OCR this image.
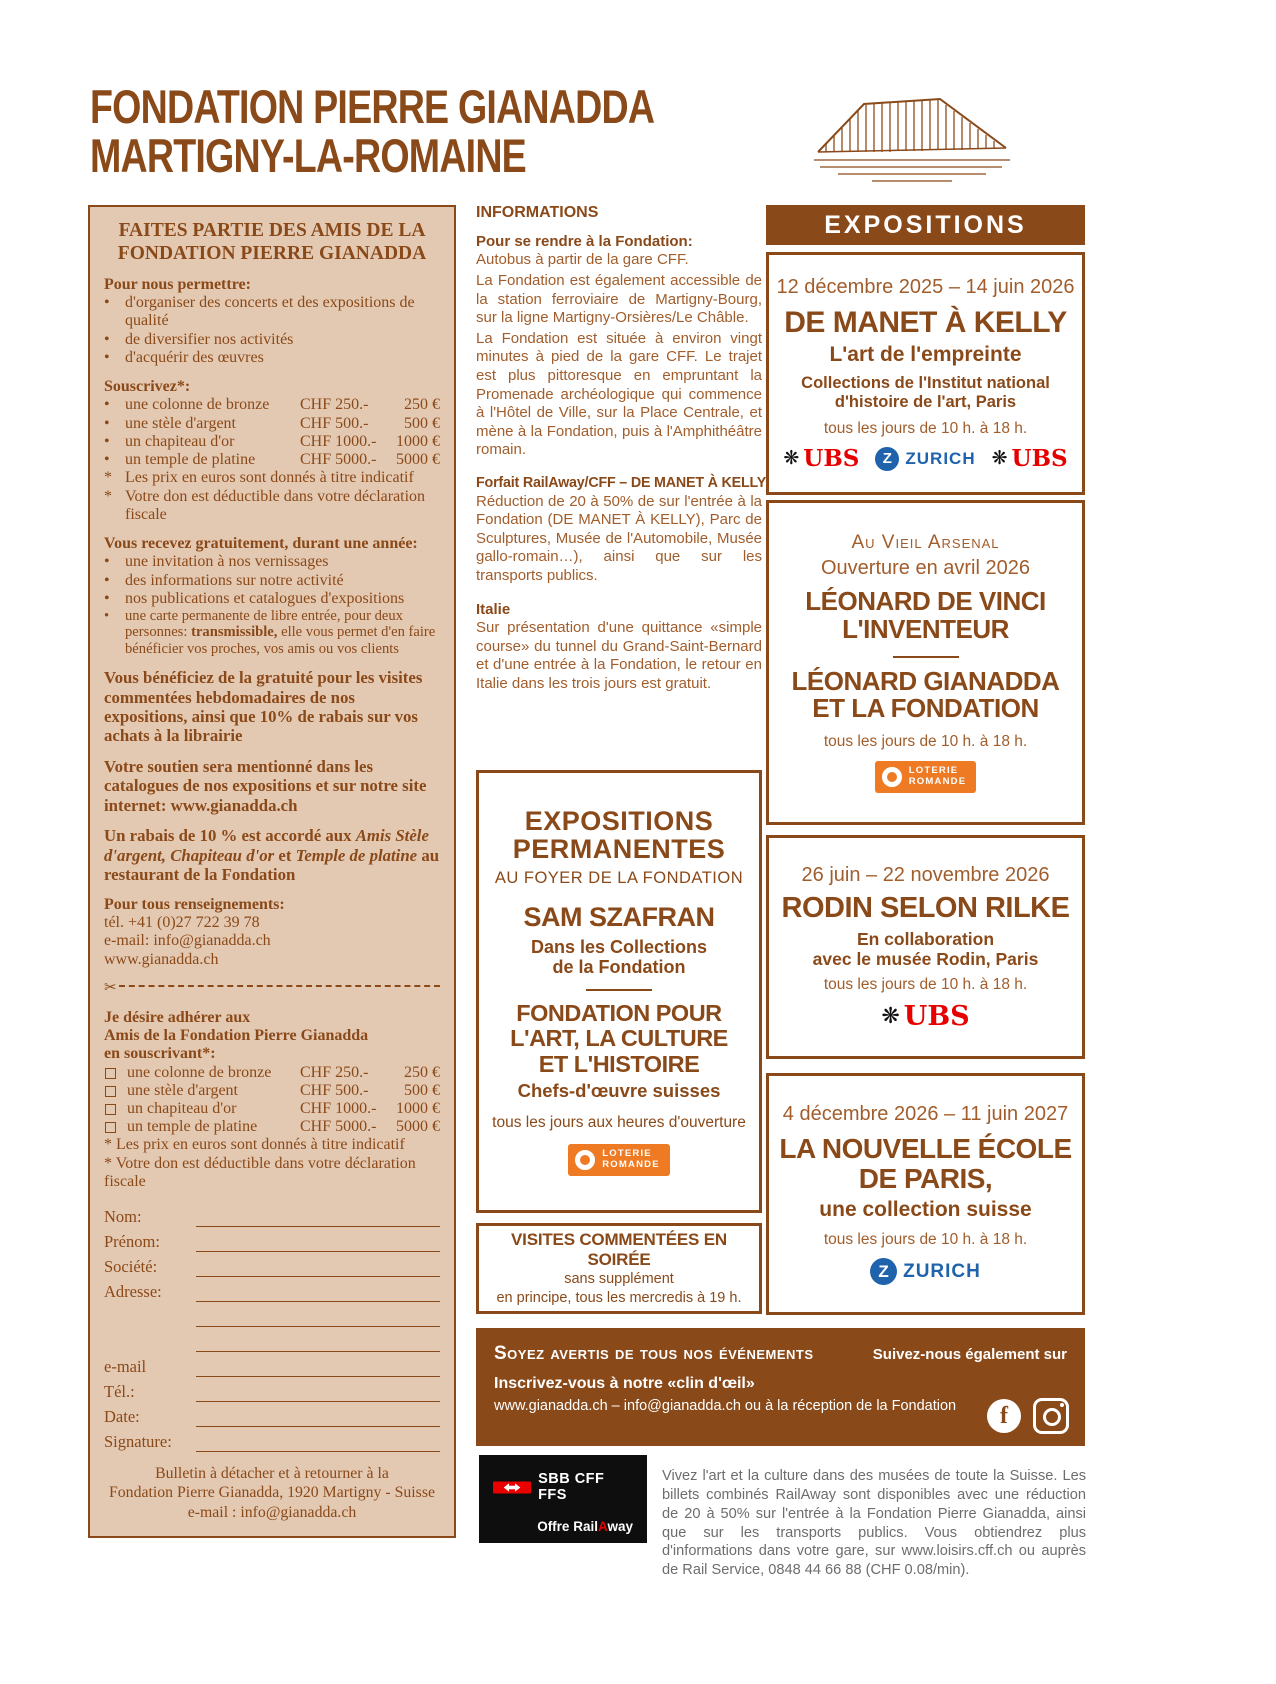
FONDATION PIERRE GIANADDA
MARTIGNY-LA-ROMAINE
FAITES PARTIE DES AMIS DE LA
FONDATION PIERRE GIANADDA
Pour nous permettre:
• d'organiser des concerts et des expositions de qualité
• de diversifier nos activités
• d'acquérir des œuvres
Souscrivez*:
• une colonne de bronze	CHF 250.-	250 €
• une stèle d'argent	CHF 500.-	500 €
• un chapiteau d'or	CHF 1000.-	1000 €
• un temple de platine	CHF 5000.-	5000 €
* Les prix en euros sont donnés à titre indicatif
* Votre don est déductible dans votre déclaration fiscale
Vous recevez gratuitement, durant une année:
• une invitation à nos vernissages
• des informations sur notre activité
• nos publications et catalogues d'expositions
•	une carte permanente de libre entrée, pour deux personnes: transmissible, elle vous permet d'en faire bénéficier vos proches, vos amis ou vos clients
Vous bénéficiez de la gratuité pour les visites commentées hebdomadaires de nos expositions, ainsi que 10% de rabais sur vos achats à la librairie
Votre soutien sera mentionné dans les catalogues de nos expositions et sur notre site internet: www.gianadda.ch
Un rabais de 10 % est accordé aux Amis Stèle d'argent, Chapiteau d'or et Temple de platine au restaurant de la Fondation
Pour tous renseignements:
tél. +41 (0)27 722 39 78
e-mail: info@gianadda.ch
www.gianadda.ch
✂
Je désire adhérer aux
Amis de la Fondation Pierre Gianadda
en souscrivant*:
une colonne de bronze	CHF 250.-	250 €
une stèle d'argent	CHF 500.-	500 €
un chapiteau d'or	CHF 1000.-	1000 €
un temple de platine	CHF 5000.-	5000 €
* Les prix en euros sont donnés à titre indicatif
* Votre don est déductible dans votre déclaration fiscale
Nom:
Prénom:
Société:
Adresse:
e-mail
Tél.:
Date:
Signature:
Bulletin à détacher et à retourner à la
Fondation Pierre Gianadda, 1920 Martigny - Suisse
e-mail : info@gianadda.ch
INFORMATIONS
Pour se rendre à la Fondation:

Autobus à partir de la gare CFF.

La Fondation est également accessible de la station ferroviaire de Martigny-Bourg, sur la ligne Martigny-Orsières/Le Châble.

La Fondation est située à environ vingt minutes à pied de la gare CFF. Le trajet est plus pittoresque en empruntant la Promenade archéologique qui commence à l'Hôtel de Ville, sur la Place Centrale, et mène à la Fondation, puis à l'Amphithéâtre romain.

Forfait RailAway/CFF – DE MANET À KELLY

Réduction de 20 à 50% de sur l'entrée à la Fondation (DE MANET À KELLY), Parc de Sculptures, Musée de l'Automobile, Musée gallo-romain…), ainsi que sur les transports publics.

Italie

Sur présentation d'une quittance «simple course» du tunnel du Grand-Saint-Bernard et d'une entrée à la Fondation, le retour en Italie dans les trois jours est gratuit.

EXPOSITIONS
PERMANENTES
AU FOYER DE LA FONDATION
SAM SZAFRAN
Dans les Collections
de la Fondation
FONDATION POUR
L'ART, LA CULTURE
ET L'HISTOIRE
Chefs-d'œuvre suisses
tous les jours aux heures d'ouverture
LOTERIE
ROMANDE
VISITES COMMENTÉES EN SOIRÉE
sans supplément
en principe, tous les mercredis à 19 h.
EXPOSITIONS
12 décembre 2025 – 14 juin 2026
DE MANET À KELLY
L'art de l'empreinte
Collections de l'Institut national
d'histoire de l'art, Paris
tous les jours de 10 h. à 18 h.
❋ UBS	Z ZURICH ❋ UBS
Au Vieil Arsenal
Ouverture en avril 2026
LÉONARD DE VINCI
L'INVENTEUR
LÉONARD GIANADDA
ET LA FONDATION
tous les jours de 10 h. à 18 h.
LOTERIE
ROMANDE
26 juin – 22 novembre 2026
RODIN SELON RILKE
En collaboration
avec le musée Rodin, Paris
tous les jours de 10 h. à 18 h.
❋ UBS
4 décembre 2026 – 11 juin 2027
LA NOUVELLE ÉCOLE
DE PARIS,
une collection suisse
tous les jours de 10 h. à 18 h.
Z ZURICH
Soyez avertis de tous nos événements	Suivez-nous également sur
Inscrivez-vous à notre «clin d'œil»
www.gianadda.ch – info@gianadda.ch ou à la réception de la Fondation	f
SBB CFF FFS
Offre RailAway

Vivez l'art et la culture dans des musées de toute la Suisse. Les billets combinés RailAway sont disponibles avec une réduction de 20 à 50% sur l'entrée à la Fondation Pierre Gianadda, ainsi que sur les transports publics. Vous obtiendrez plus d'informations dans votre gare, sur www.loisirs.cff.ch ou auprès de Rail Service, 0848 44 66 88 (CHF 0.08/min).
